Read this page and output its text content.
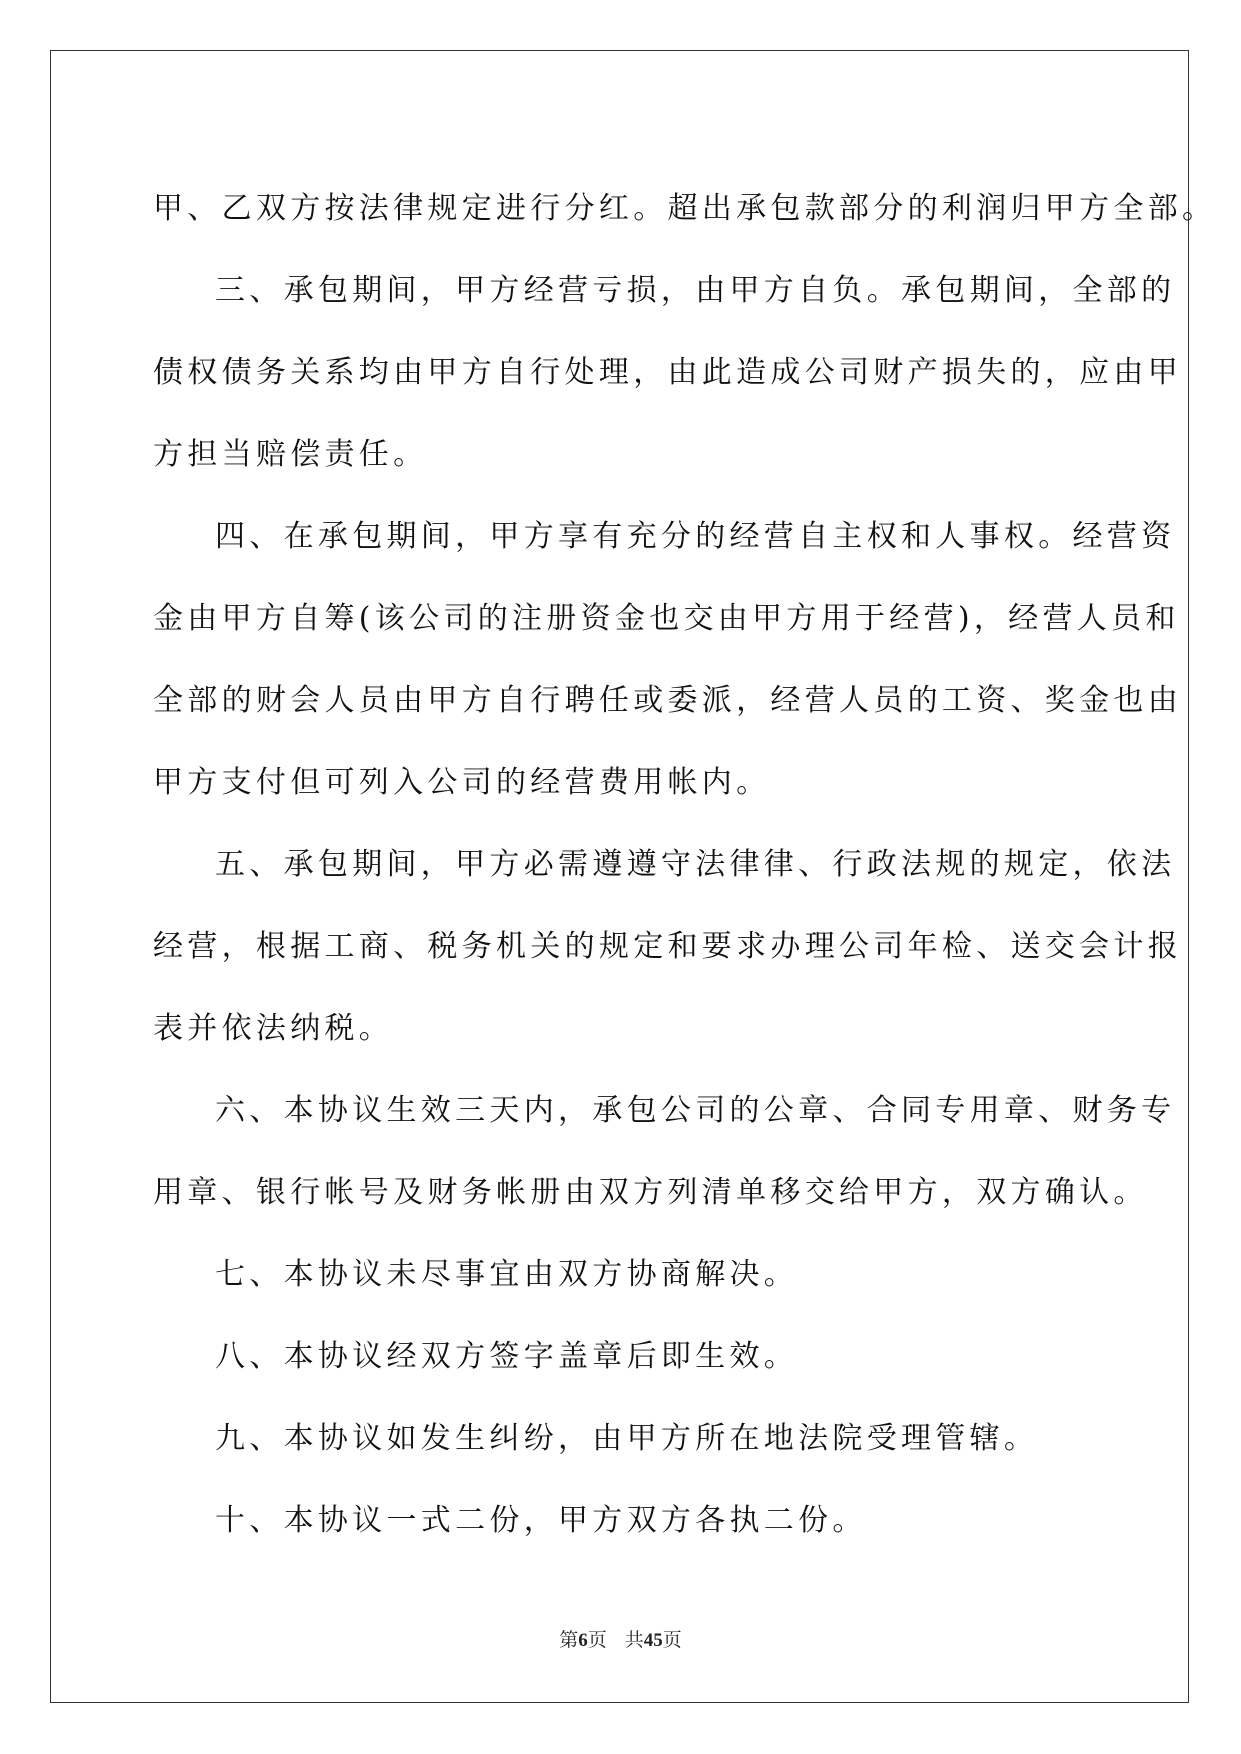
甲、乙双方按法律规定进行分红。超出承包款部分的利润归甲方全部。
三、承包期间，甲方经营亏损，由甲方自负。承包期间，全部的
债权债务关系均由甲方自行处理，由此造成公司财产损失的，应由甲
方担当赔偿责任。
四、在承包期间，甲方享有充分的经营自主权和人事权。经营资
金由甲方自筹(该公司的注册资金也交由甲方用于经营)，经营人员和
全部的财会人员由甲方自行聘任或委派，经营人员的工资、奖金也由
甲方支付但可列入公司的经营费用帐内。
五、承包期间，甲方必需遵遵守法律律、行政法规的规定，依法
经营，根据工商、税务机关的规定和要求办理公司年检、送交会计报
表并依法纳税。
六、本协议生效三天内，承包公司的公章、合同专用章、财务专
用章、银行帐号及财务帐册由双方列清单移交给甲方，双方确认。
七、本协议未尽事宜由双方协商解决。
八、本协议经双方签字盖章后即生效。
九、本协议如发生纠纷，由甲方所在地法院受理管辖。
十、本协议一式二份，甲方双方各执二份。
第6页 共45页
